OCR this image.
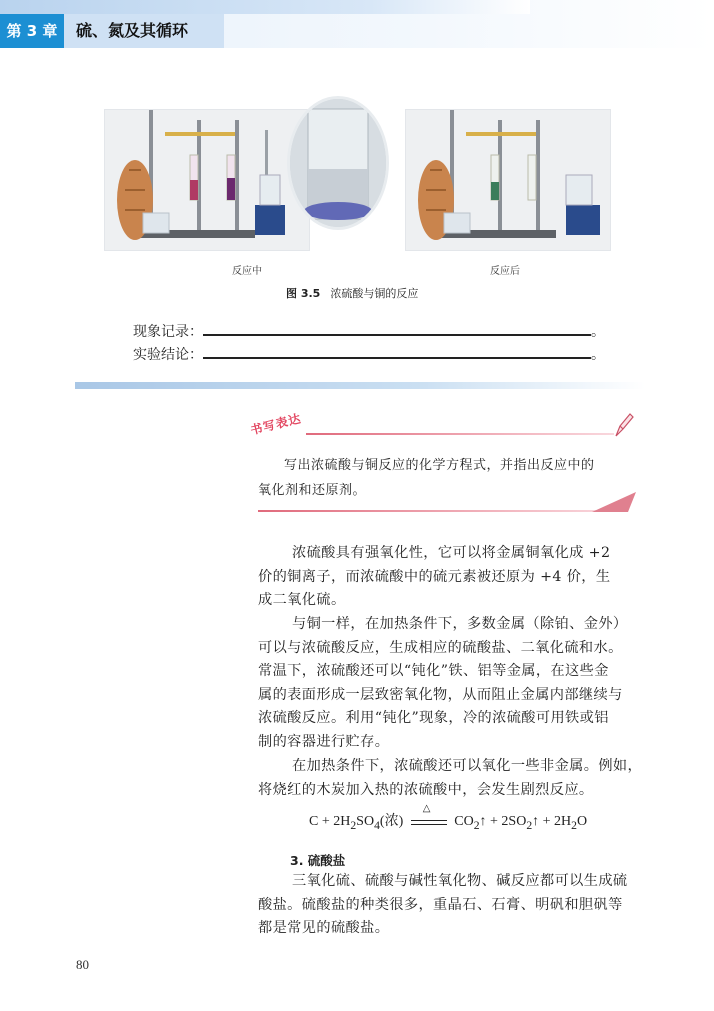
第 3 章	硫、氮及其循环
反应中	反应后
图 3.5 浓硫酸与铜的反应
现象记录：	。
实验结论：	。
书写表达
写出浓硫酸与铜反应的化学方程式，并指出反应中的
氧化剂和还原剂。
浓硫酸具有强氧化性，它可以将金属铜氧化成 +2
价的铜离子，而浓硫酸中的硫元素被还原为 +4 价，生
成二氧化硫。
与铜一样，在加热条件下，多数金属（除铂、金外）
可以与浓硫酸反应，生成相应的硫酸盐、二氧化硫和水。
常温下，浓硫酸还可以“钝化”铁、铝等金属，在这些金
属的表面形成一层致密氧化物，从而阻止金属内部继续与
浓硫酸反应。利用“钝化”现象，冷的浓硫酸可用铁或铝
制的容器进行贮存。
在加热条件下，浓硫酸还可以氧化一些非金属。例如，
将烧红的木炭加入热的浓硫酸中，会发生剧烈反应。
$C + 2H_2SO_4$(浓)
△
$CO_2↑$ + $2SO_2↑ + 2H_2O$
3. 硫酸盐
三氧化硫、硫酸与碱性氧化物、碱反应都可以生成硫
酸盐。硫酸盐的种类很多，重晶石、石膏、明矾和胆矾等
都是常见的硫酸盐。
80
